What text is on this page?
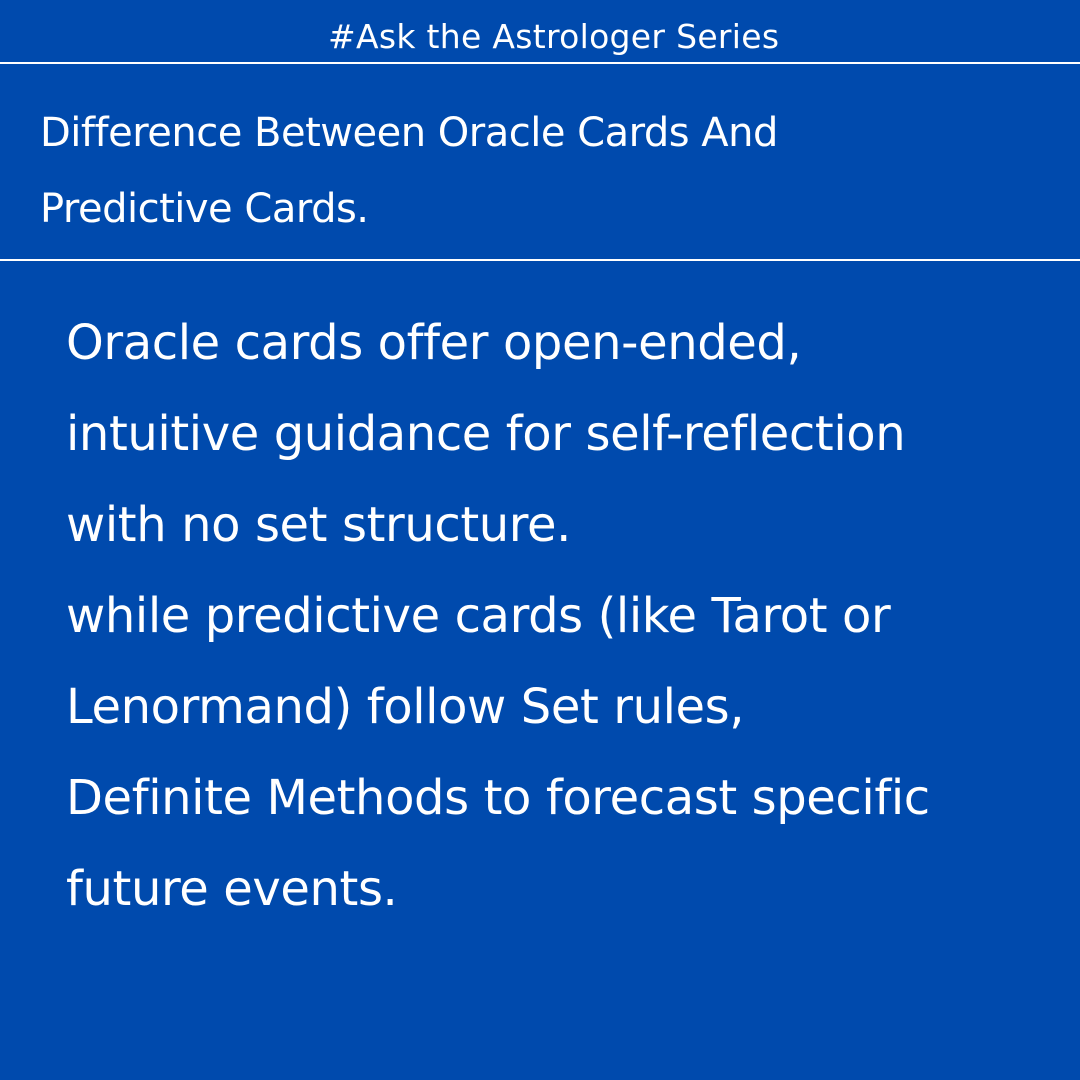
#Ask the Astrologer Series
Difference Between Oracle Cards And
Predictive Cards.

Oracle cards offer open-ended,
intuitive guidance for self-reflection
with no set structure.
while predictive cards (like Tarot or
Lenormand) follow Set rules,
Definite Methods to forecast specific
future events.
